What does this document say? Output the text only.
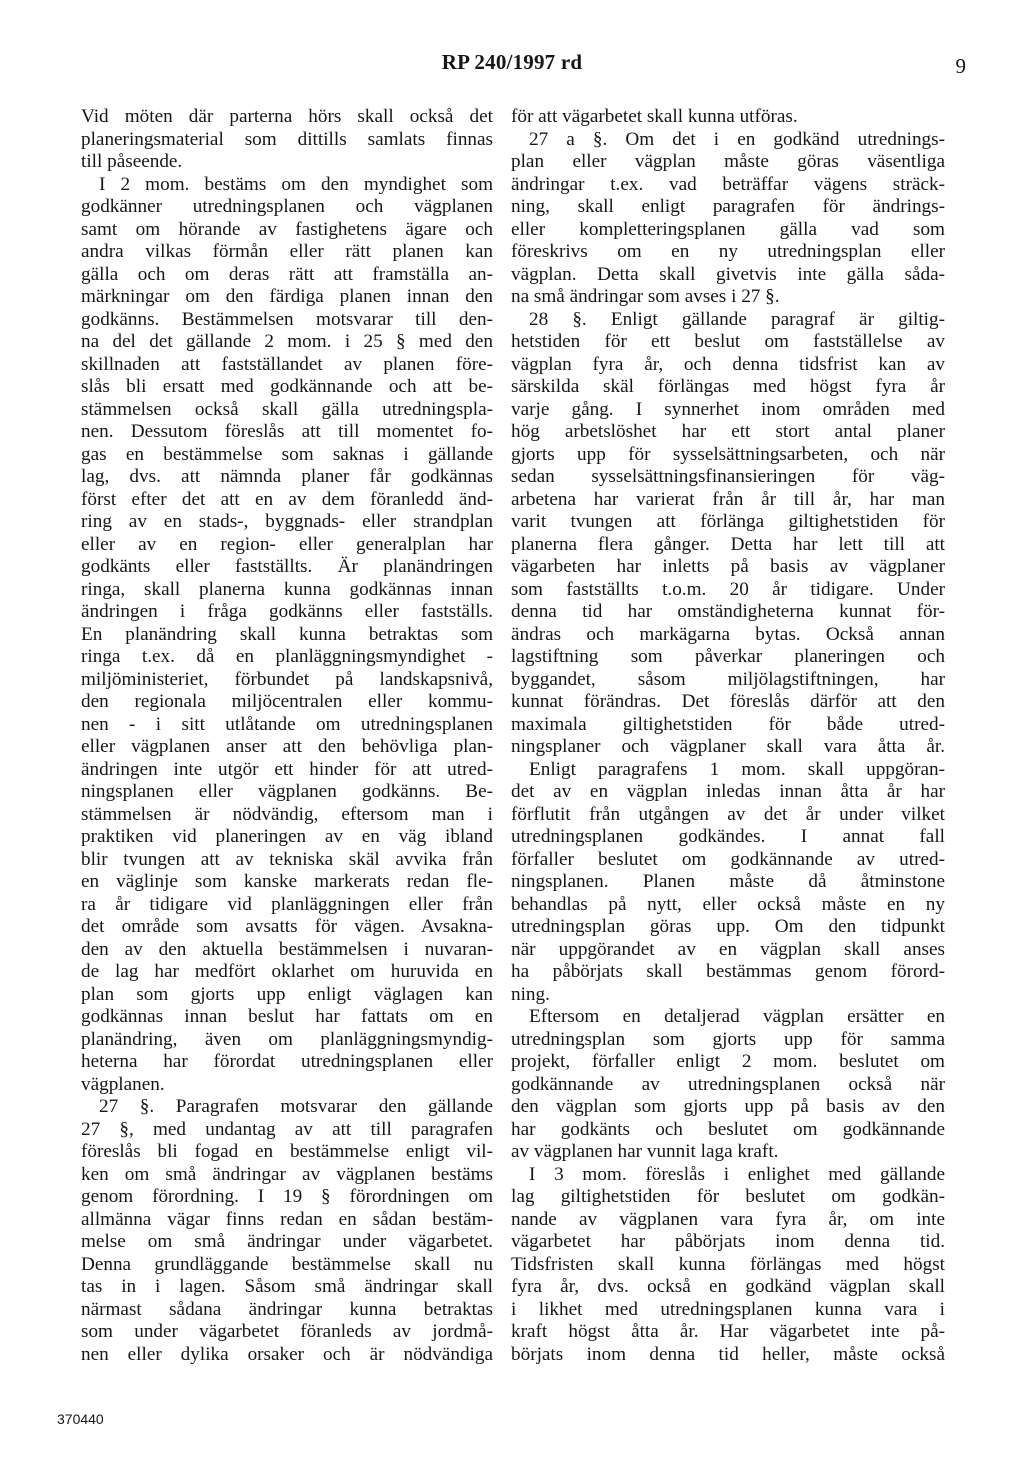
RP 240/1997 rd	9
Vid möten där parterna hörs skall också det
planeringsmaterial som dittills samlats finnas
till påseende.
I 2 mom. bestäms om den myndighet som
godkänner utredningsplanen och vägplanen
samt om hörande av fastighetens ägare och
andra vilkas förmån eller rätt planen kan
gälla och om deras rätt att framställa an-
märkningar om den färdiga planen innan den
godkänns. Bestämmelsen motsvarar till den-
na del det gällande 2 mom. i 25 § med den
skillnaden att fastställandet av planen före-
slås bli ersatt med godkännande och att be-
stämmelsen också skall gälla utredningspla-
nen. Dessutom föreslås att till momentet fo-
gas en bestämmelse som saknas i gällande
lag, dvs. att nämnda planer får godkännas
först efter det att en av dem föranledd änd-
ring av en stads-, byggnads- eller strandplan
eller av en region- eller generalplan har
godkänts eller fastställts. Är planändringen
ringa, skall planerna kunna godkännas innan
ändringen i fråga godkänns eller fastställs.
En planändring skall kunna betraktas som
ringa t.ex. då en planläggningsmyndighet -
miljöministeriet, förbundet på landskapsnivå,
den regionala miljöcentralen eller kommu-
nen - i sitt utlåtande om utredningsplanen
eller vägplanen anser att den behövliga plan-
ändringen inte utgör ett hinder för att utred-
ningsplanen eller vägplanen godkänns. Be-
stämmelsen är nödvändig, eftersom man i
praktiken vid planeringen av en väg ibland
blir tvungen att av tekniska skäl avvika från
en väglinje som kanske markerats redan fle-
ra år tidigare vid planläggningen eller från
det område som avsatts för vägen. Avsakna-
den av den aktuella bestämmelsen i nuvaran-
de lag har medfört oklarhet om huruvida en
plan som gjorts upp enligt väglagen kan
godkännas innan beslut har fattats om en
planändring, även om planläggningsmyndig-
heterna har förordat utredningsplanen eller
vägplanen.
27 §. Paragrafen motsvarar den gällande
27 §, med undantag av att till paragrafen
föreslås bli fogad en bestämmelse enligt vil-
ken om små ändringar av vägplanen bestäms
genom förordning. I 19 § förordningen om
allmänna vägar finns redan en sådan bestäm-
melse om små ändringar under vägarbetet.
Denna grundläggande bestämmelse skall nu
tas in i lagen. Såsom små ändringar skall
närmast sådana ändringar kunna betraktas
som under vägarbetet föranleds av jordmå-
nen eller dylika orsaker och är nödvändiga
för att vägarbetet skall kunna utföras.
27 a §. Om det i en godkänd utrednings-
plan eller vägplan måste göras väsentliga
ändringar t.ex. vad beträffar vägens sträck-
ning, skall enligt paragrafen för ändrings-
eller kompletteringsplanen gälla vad som
föreskrivs om en ny utredningsplan eller
vägplan. Detta skall givetvis inte gälla såda-
na små ändringar som avses i 27 §.
28 §. Enligt gällande paragraf är giltig-
hetstiden för ett beslut om fastställelse av
vägplan fyra år, och denna tidsfrist kan av
särskilda skäl förlängas med högst fyra år
varje gång. I synnerhet inom områden med
hög arbetslöshet har ett stort antal planer
gjorts upp för sysselsättningsarbeten, och när
sedan sysselsättningsfinansieringen för väg-
arbetena har varierat från år till år, har man
varit tvungen att förlänga giltighetstiden för
planerna flera gånger. Detta har lett till att
vägarbeten har inletts på basis av vägplaner
som fastställts t.o.m. 20 år tidigare. Under
denna tid har omständigheterna kunnat för-
ändras och markägarna bytas. Också annan
lagstiftning som påverkar planeringen och
byggandet, såsom miljölagstiftningen, har
kunnat förändras. Det föreslås därför att den
maximala giltighetstiden för både utred-
ningsplaner och vägplaner skall vara åtta år.
Enligt paragrafens 1 mom. skall uppgöran-
det av en vägplan inledas innan åtta år har
förflutit från utgången av det år under vilket
utredningsplanen godkändes. I annat fall
förfaller beslutet om godkännande av utred-
ningsplanen. Planen måste då åtminstone
behandlas på nytt, eller också måste en ny
utredningsplan göras upp. Om den tidpunkt
när uppgörandet av en vägplan skall anses
ha påbörjats skall bestämmas genom förord-
ning.
Eftersom en detaljerad vägplan ersätter en
utredningsplan som gjorts upp för samma
projekt, förfaller enligt 2 mom. beslutet om
godkännande av utredningsplanen också när
den vägplan som gjorts upp på basis av den
har godkänts och beslutet om godkännande
av vägplanen har vunnit laga kraft.
I 3 mom. föreslås i enlighet med gällande
lag giltighetstiden för beslutet om godkän-
nande av vägplanen vara fyra år, om inte
vägarbetet har påbörjats inom denna tid.
Tidsfristen skall kunna förlängas med högst
fyra år, dvs. också en godkänd vägplan skall
i likhet med utredningsplanen kunna vara i
kraft högst åtta år. Har vägarbetet inte på-
börjats inom denna tid heller, måste också
370440
